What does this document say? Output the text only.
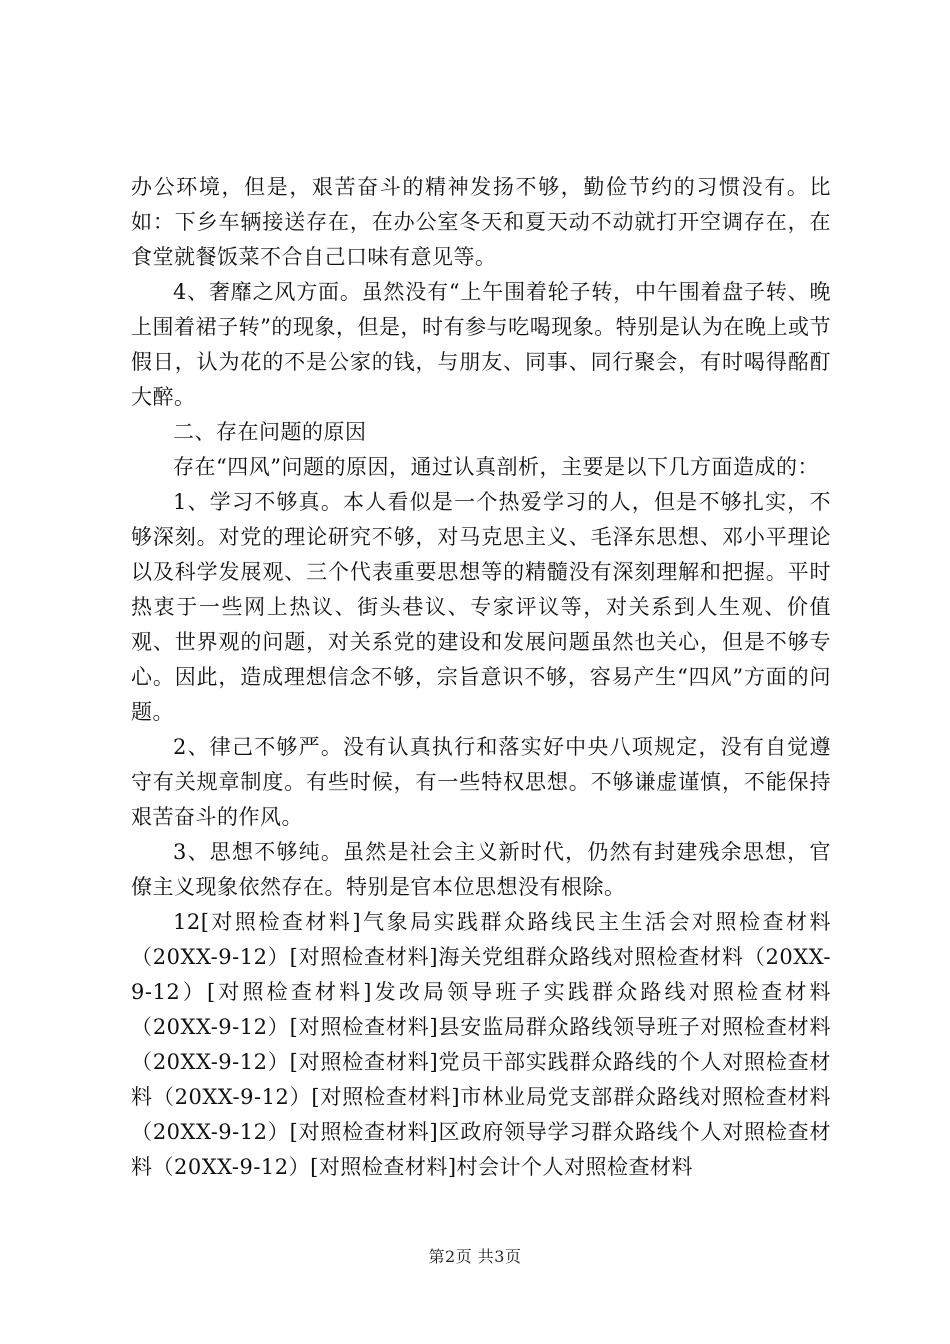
办公环境，但是，艰苦奋斗的精神发扬不够，勤俭节约的习惯没有。比如：下乡车辆接送存在，在办公室冬天和夏天动不动就打开空调存在，在食堂就餐饭菜不合自己口味有意见等。

4、奢靡之风方面。虽然没有“上午围着轮子转，中午围着盘子转、晚上围着裙子转”的现象，但是，时有参与吃喝现象。特别是认为在晚上或节假日，认为花的不是公家的钱，与朋友、同事、同行聚会，有时喝得酩酊大醉。

二、存在问题的原因

存在“四风”问题的原因，通过认真剖析，主要是以下几方面造成的：

1、学习不够真。本人看似是一个热爱学习的人，但是不够扎实，不够深刻。对党的理论研究不够，对马克思主义、毛泽东思想、邓小平理论以及科学发展观、三个代表重要思想等的精髓没有深刻理解和把握。平时热衷于一些网上热议、街头巷议、专家评议等，对关系到人生观、价值观、世界观的问题，对关系党的建设和发展问题虽然也关心，但是不够专心。因此，造成理想信念不够，宗旨意识不够，容易产生“四风”方面的问题。

2、律己不够严。没有认真执行和落实好中央八项规定，没有自觉遵守有关规章制度。有些时候，有一些特权思想。不够谦虚谨慎，不能保持艰苦奋斗的作风。

3、思想不够纯。虽然是社会主义新时代，仍然有封建残余思想，官僚主义现象依然存在。特别是官本位思想没有根除。

12[对照检查材料]气象局实践群众路线民主生活会对照检查材料（20XX-9-12）[对照检查材料]海关党组群众路线对照检查材料（20XX-9-12）[对照检查材料]发改局领导班子实践群众路线对照检查材料（20XX-9-12）[对照检查材料]县安监局群众路线领导班子对照检查材料（20XX-9-12）[对照检查材料]党员干部实践群众路线的个人对照检查材料（20XX-9-12）[对照检查材料]市林业局党支部群众路线对照检查材料（20XX-9-12）[对照检查材料]区政府领导学习群众路线个人对照检查材料（20XX-9-12）[对照检查材料]村会计个人对照检查材料

第2页 共3页
